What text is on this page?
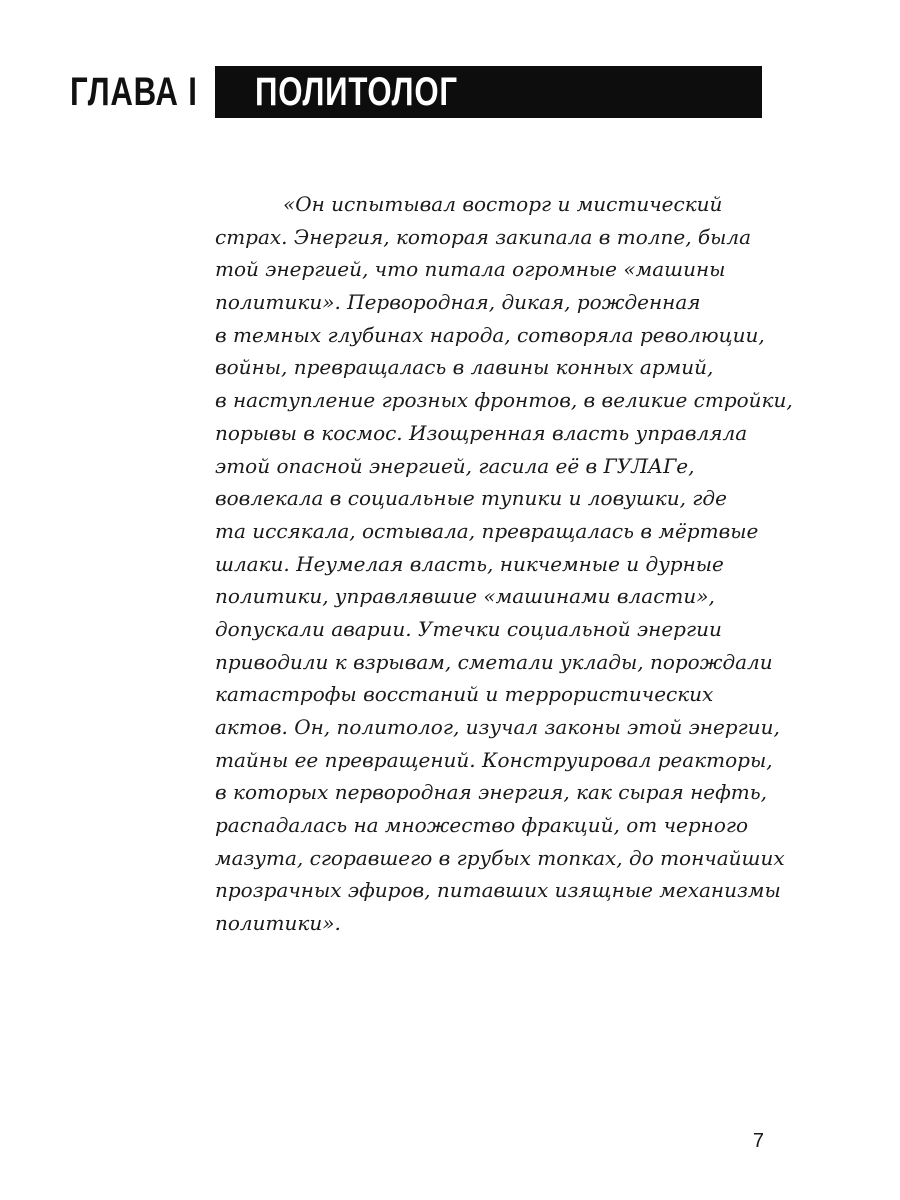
ГЛАВА I ПОЛИТОЛОГ
«Он испытывал восторг и мистический
страх. Энергия, которая закипала в толпе, была
той энергией, что питала огромные «машины
политики». Первородная, дикая, рожденная
в темных глубинах народа, сотворяла революции,
войны, превращалась в лавины конных армий,
в наступление грозных фронтов, в великие стройки,
порывы в космос. Изощренная власть управляла
этой опасной энергией, гасила её в ГУЛАГе,
вовлекала в социальные тупики и ловушки, где
та иссякала, остывала, превращалась в мёртвые
шлаки. Неумелая власть, никчемные и дурные
политики, управлявшие «машинами власти»,
допускали аварии. Утечки социальной энергии
приводили к взрывам, сметали уклады, порождали
катастрофы восстаний и террористических
актов. Он, политолог, изучал законы этой энергии,
тайны ее превращений. Конструировал реакторы,
в которых первородная энергия, как сырая нефть,
распадалась на множество фракций, от черного
мазута, сгоравшего в грубых топках, до тончайших
прозрачных эфиров, питавших изящные механизмы
политики».
7
